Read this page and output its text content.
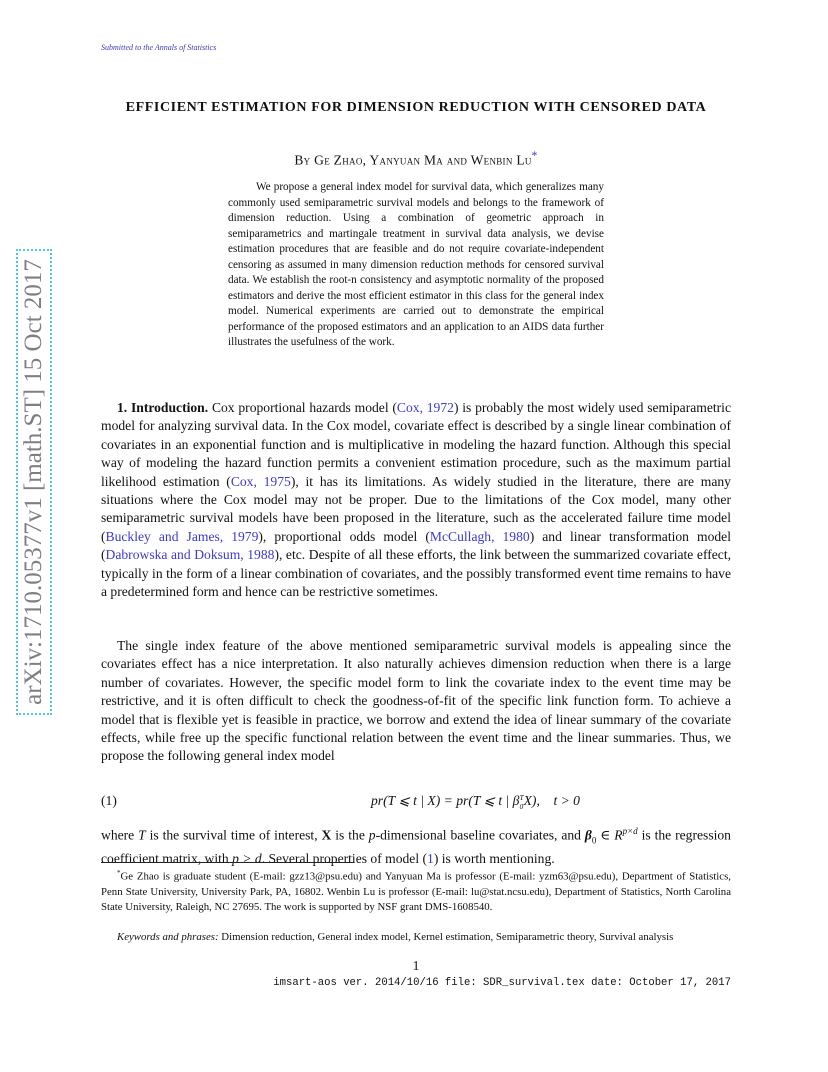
Submitted to the Annals of Statistics
arXiv:1710.05377v1 [math.ST] 15 Oct 2017
EFFICIENT ESTIMATION FOR DIMENSION REDUCTION WITH CENSORED DATA
By Ge Zhao, Yanyuan Ma and Wenbin Lu*
We propose a general index model for survival data, which generalizes many commonly used semiparametric survival models and belongs to the framework of dimension reduction. Using a combination of geometric approach in semiparametrics and martingale treatment in survival data analysis, we devise estimation procedures that are feasible and do not require covariate-independent censoring as assumed in many dimension reduction methods for censored survival data. We establish the root-n consistency and asymptotic normality of the proposed estimators and derive the most efficient estimator in this class for the general index model. Numerical experiments are carried out to demonstrate the empirical performance of the proposed estimators and an application to an AIDS data further illustrates the usefulness of the work.
1. Introduction. Cox proportional hazards model (Cox, 1972) is probably the most widely used semiparametric model for analyzing survival data. In the Cox model, covariate effect is described by a single linear combination of covariates in an exponential function and is multiplicative in modeling the hazard function. Although this special way of modeling the hazard function permits a convenient estimation procedure, such as the maximum partial likelihood estimation (Cox, 1975), it has its limitations. As widely studied in the literature, there are many situations where the Cox model may not be proper. Due to the limitations of the Cox model, many other semiparametric survival models have been proposed in the literature, such as the accelerated failure time model (Buckley and James, 1979), proportional odds model (McCullagh, 1980) and linear transformation model (Dabrowska and Doksum, 1988), etc. Despite of all these efforts, the link between the summarized covariate effect, typically in the form of a linear combination of covariates, and the possibly transformed event time remains to have a predetermined form and hence can be restrictive sometimes.
The single index feature of the above mentioned semiparametric survival models is appealing since the covariates effect has a nice interpretation. It also naturally achieves dimension reduction when there is a large number of covariates. However, the specific model form to link the covariate index to the event time may be restrictive, and it is often difficult to check the goodness-of-fit of the specific link function form. To achieve a model that is flexible yet is feasible in practice, we borrow and extend the idea of linear summary of the covariate effects, while free up the specific functional relation between the event time and the linear summaries. Thus, we propose the following general index model
(1)	pr(T ⩽ t | X) = pr(T ⩽ t | β T
0 X), t > 0
where T is the survival time of interest, X is the p-dimensional baseline covariates, and $\beta_0$ ∈ $R^{p\times d}$ is the regression coefficient matrix, with p > d. Several properties of model (1) is worth mentioning.
*Ge Zhao is graduate student (E-mail: gzz13@psu.edu) and Yanyuan Ma is professor (E-mail: yzm63@psu.edu), Department of Statistics, Penn State University, University Park, PA, 16802. Wenbin Lu is professor (E-mail: lu@stat.ncsu.edu), Department of Statistics, North Carolina State University, Raleigh, NC 27695. The work is supported by NSF grant DMS-1608540.
Keywords and phrases: Dimension reduction, General index model, Kernel estimation, Semiparametric theory, Survival analysis
1
imsart-aos ver. 2014/10/16 file: SDR_survival.tex date: October 17, 2017
